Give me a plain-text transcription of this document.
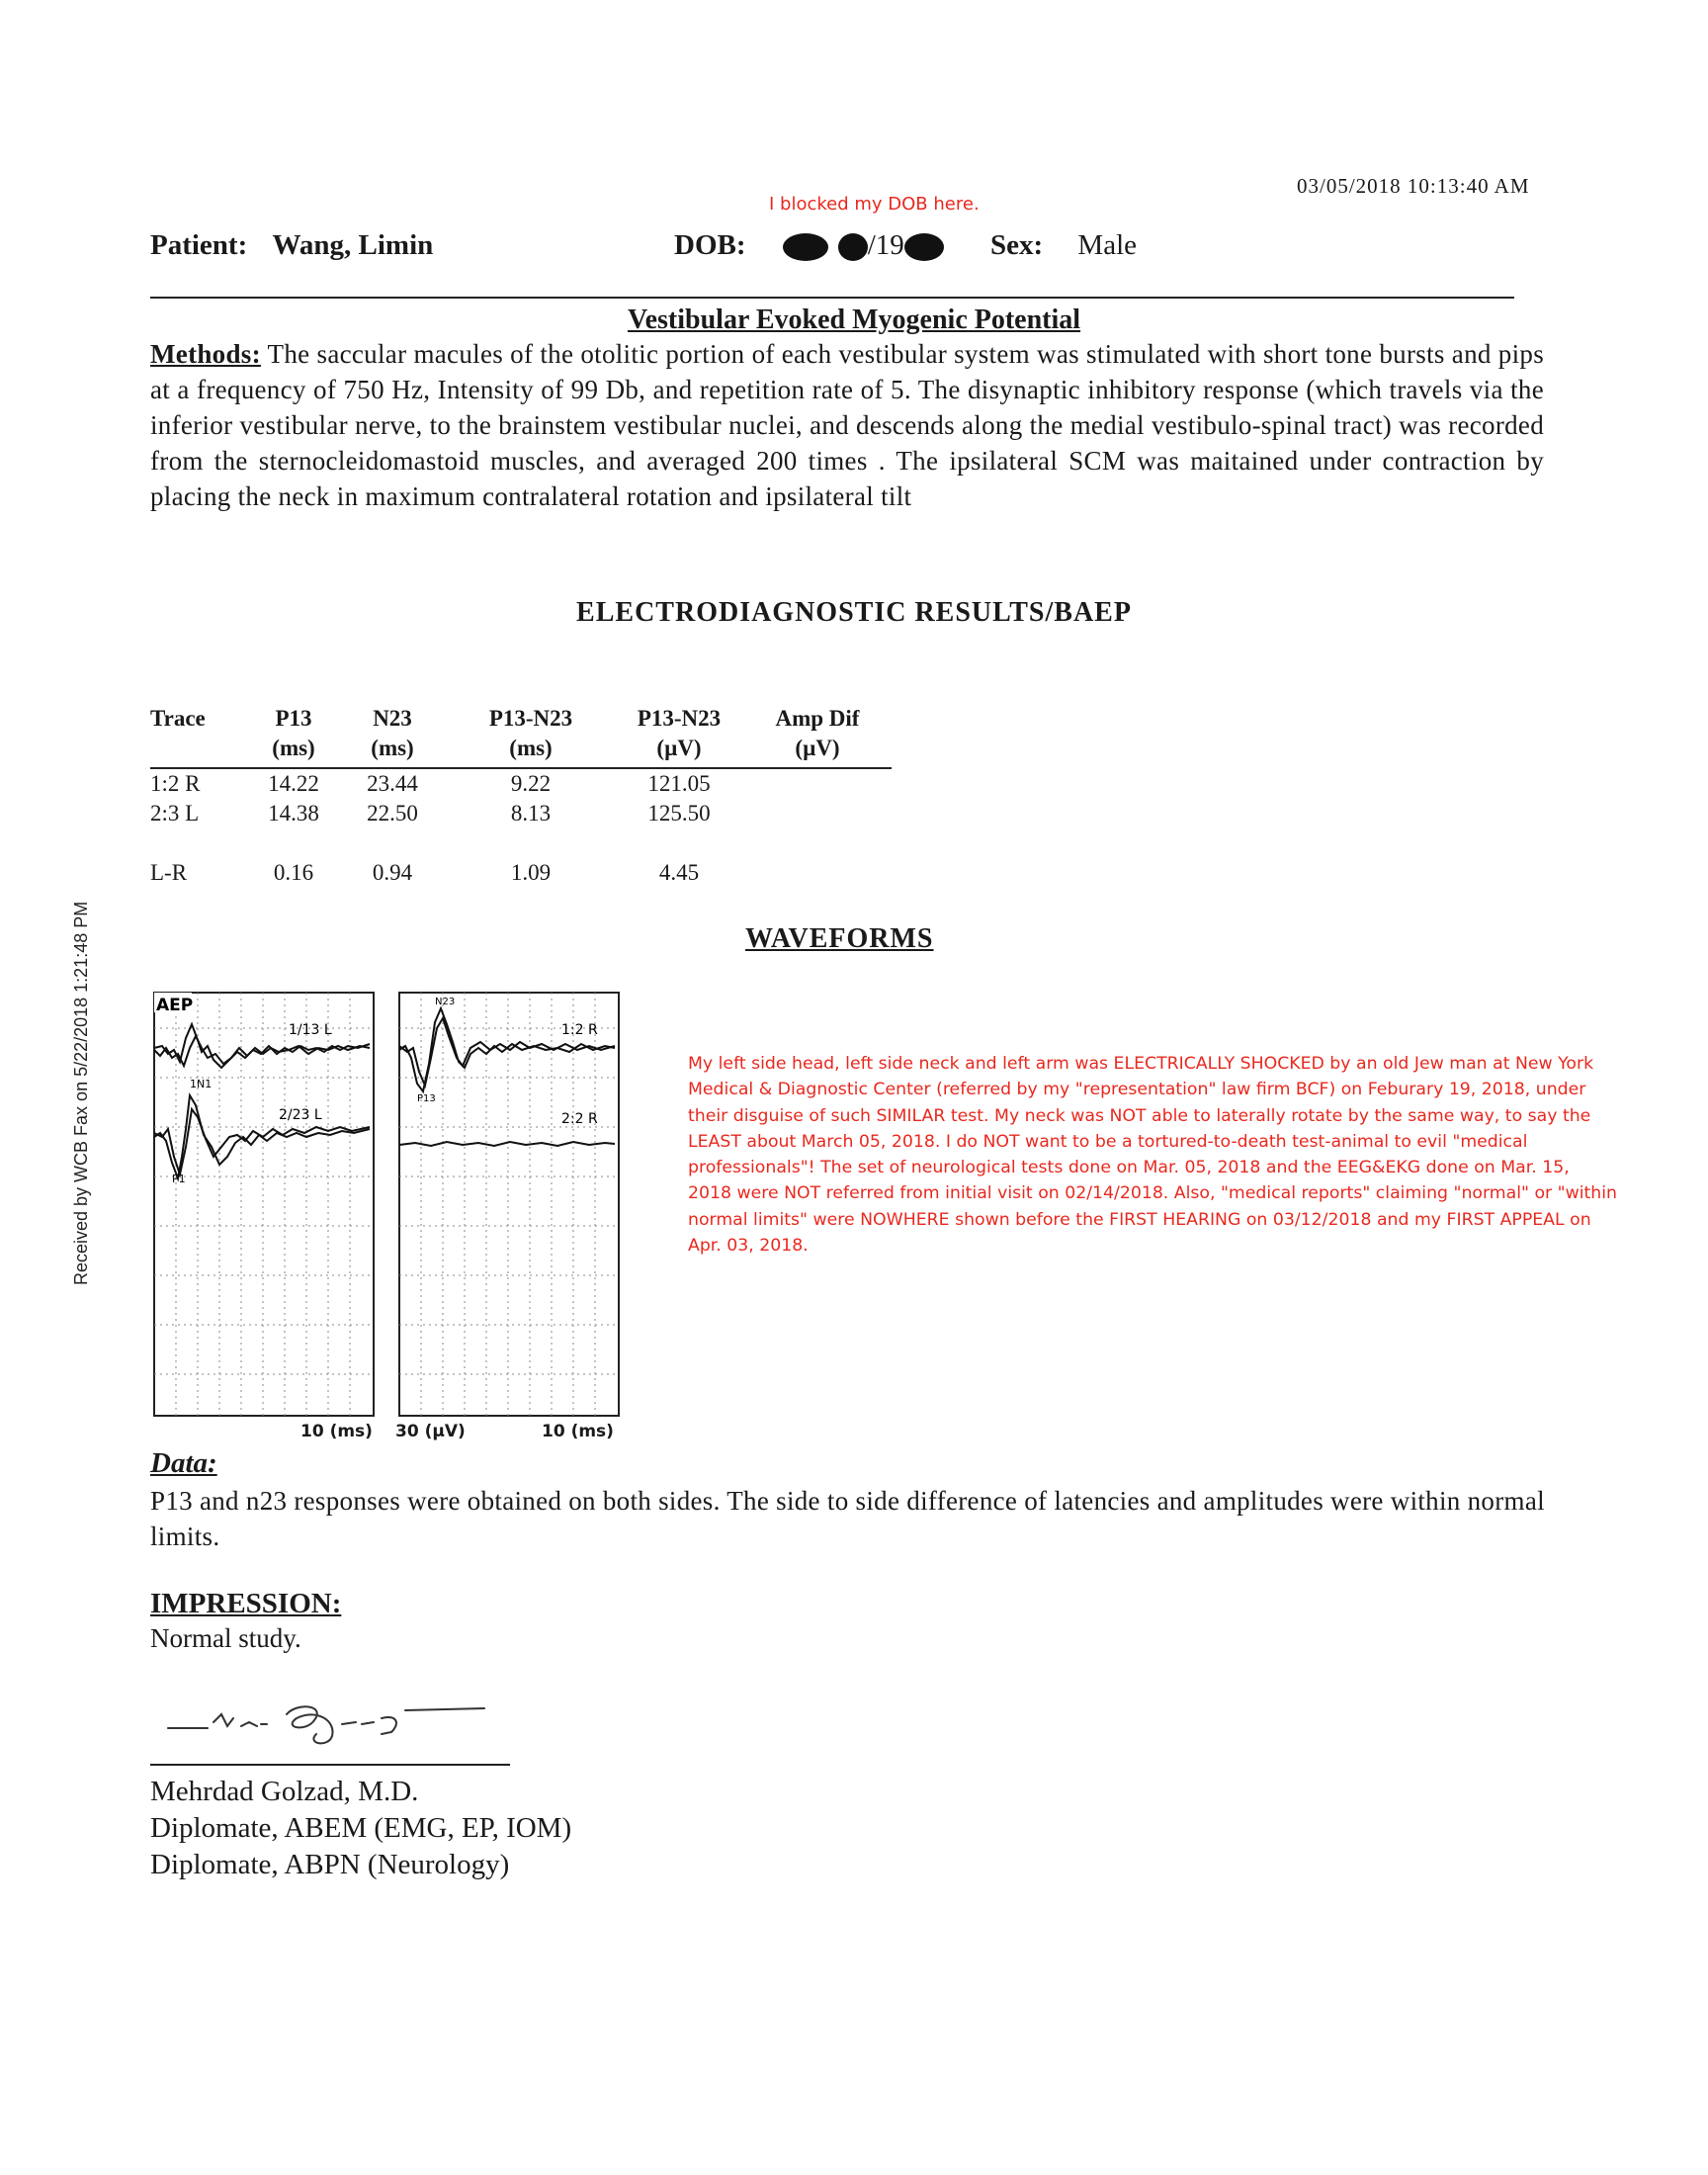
Received by WCB Fax on 5/22/2018 1:21:48 PM
03/05/2018 10:13:40 AM
I blocked my DOB here.
Patient: Wang, Limin	DOB:	/19	Sex: Male
Vestibular Evoked Myogenic Potential
Methods: The saccular macules of the otolitic portion of each vestibular system was stimulated with short tone bursts and pips at a frequency of 750 Hz, Intensity of 99 Db, and repetition rate of 5. The disynaptic inhibitory response (which travels via the inferior vestibular nerve, to the brainstem vestibular nuclei, and descends along the medial vestibulo-spinal tract) was recorded from the sternocleidomastoid muscles, and averaged 200 times . The ipsilateral SCM was maitained under contraction by placing the neck in maximum contralateral rotation and ipsilateral tilt
ELECTRODIAGNOSTIC RESULTS/BAEP
Trace	P13	N23	P13-N23	P13-N23	Amp Dif
(ms)	(ms)	(ms)	(µV)	(µV)
1:2 R	14.22	23.44	9.22	121.05
2:3 L	14.38	22.50	8.13	125.50
L-R	0.16	0.94	1.09	4.45
WAVEFORMS
AEP
1/13 L
2/23 L
1N1
P1
10 (ms)
1:2 R
2:2 R
N23
P13
30 (µV)	10 (ms)
My left side head, left side neck and left arm was ELECTRICALLY SHOCKED by an old Jew man at New York Medical & Diagnostic Center (referred by my "representation" law firm BCF) on Feburary 19, 2018, under their disguise of such SIMILAR test. My neck was NOT able to laterally rotate by the same way, to say the LEAST about March 05, 2018. I do NOT want to be a tortured-to-death test-animal to evil "medical professionals"! The set of neurological tests done on Mar. 05, 2018 and the EEG&EKG done on Mar. 15, 2018 were NOT referred from initial visit on 02/14/2018. Also, "medical reports" claiming "normal" or "within normal limits" were NOWHERE shown before the FIRST HEARING on 03/12/2018 and my FIRST APPEAL on Apr. 03, 2018.
Data:
P13 and n23 responses were obtained on both sides. The side to side difference of latencies and amplitudes were within normal limits.
IMPRESSION:
Normal study.
Mehrdad Golzad, M.D.
Diplomate, ABEM (EMG, EP, IOM)
Diplomate, ABPN (Neurology)
